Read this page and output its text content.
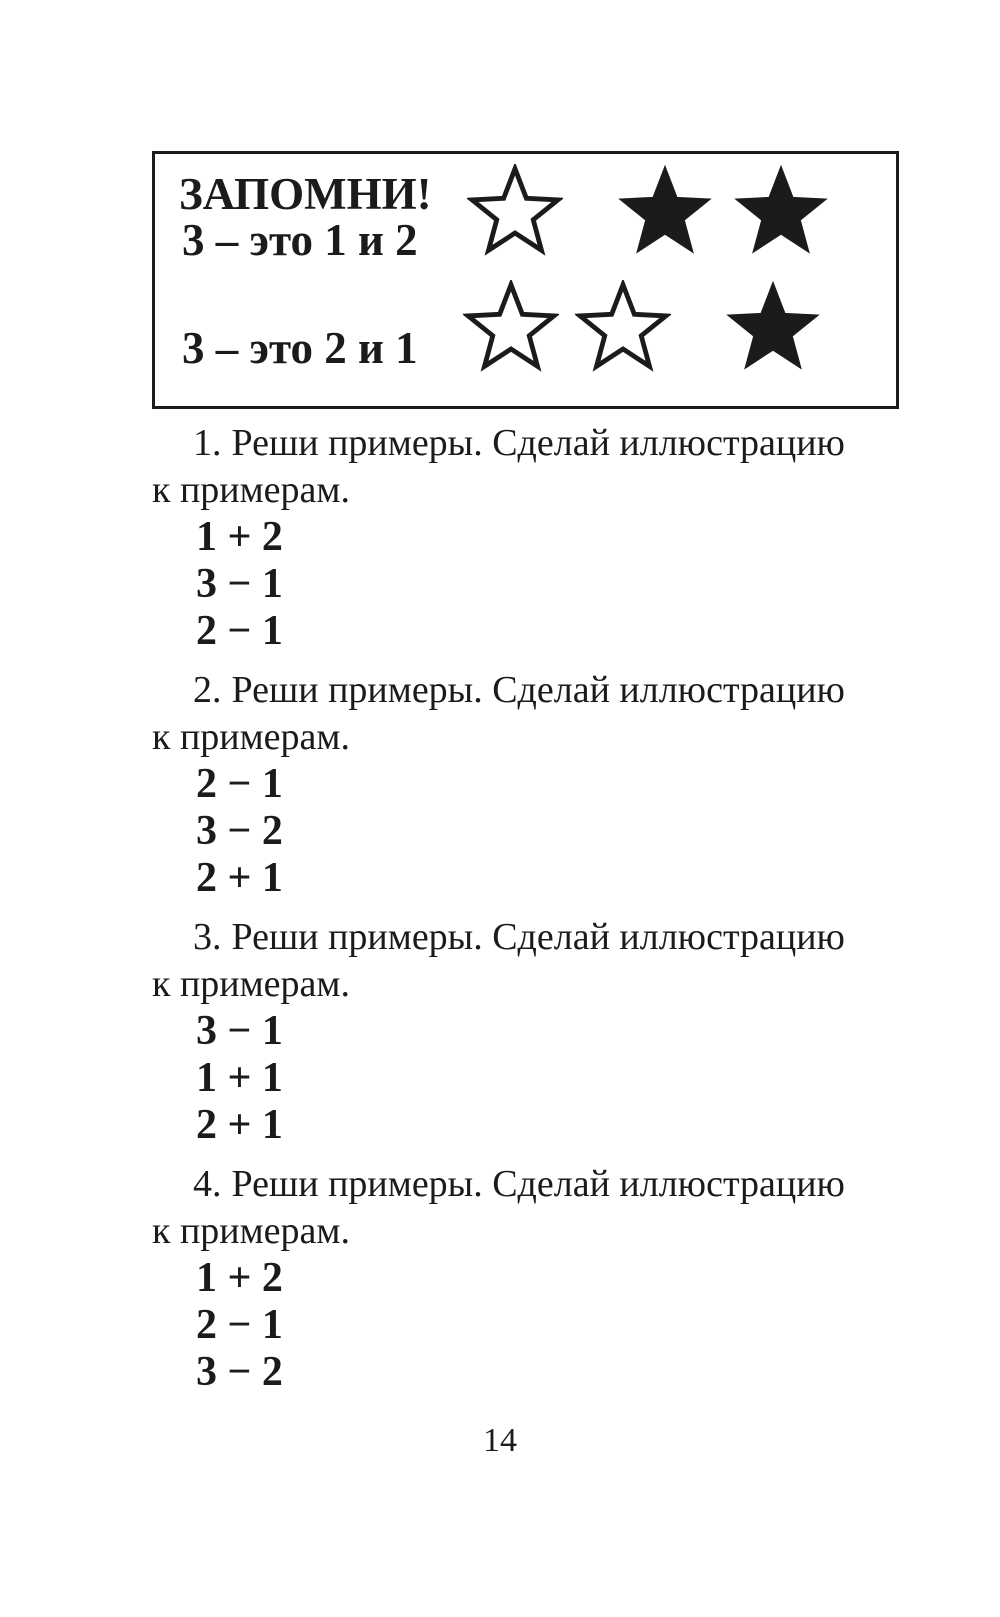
ЗАПОМНИ!
3 – это 1 и 2
3 – это 2 и 1
1. Реши примеры. Сделай иллюстрацию
к примерам.
1 + 2
3 − 1
2 − 1
2. Реши примеры. Сделай иллюстрацию
к примерам.
2 − 1
3 − 2
2 + 1
3. Реши примеры. Сделай иллюстрацию
к примерам.
3 − 1
1 + 1
2 + 1
4. Реши примеры. Сделай иллюстрацию
к примерам.
1 + 2
2 − 1
3 − 2
14
